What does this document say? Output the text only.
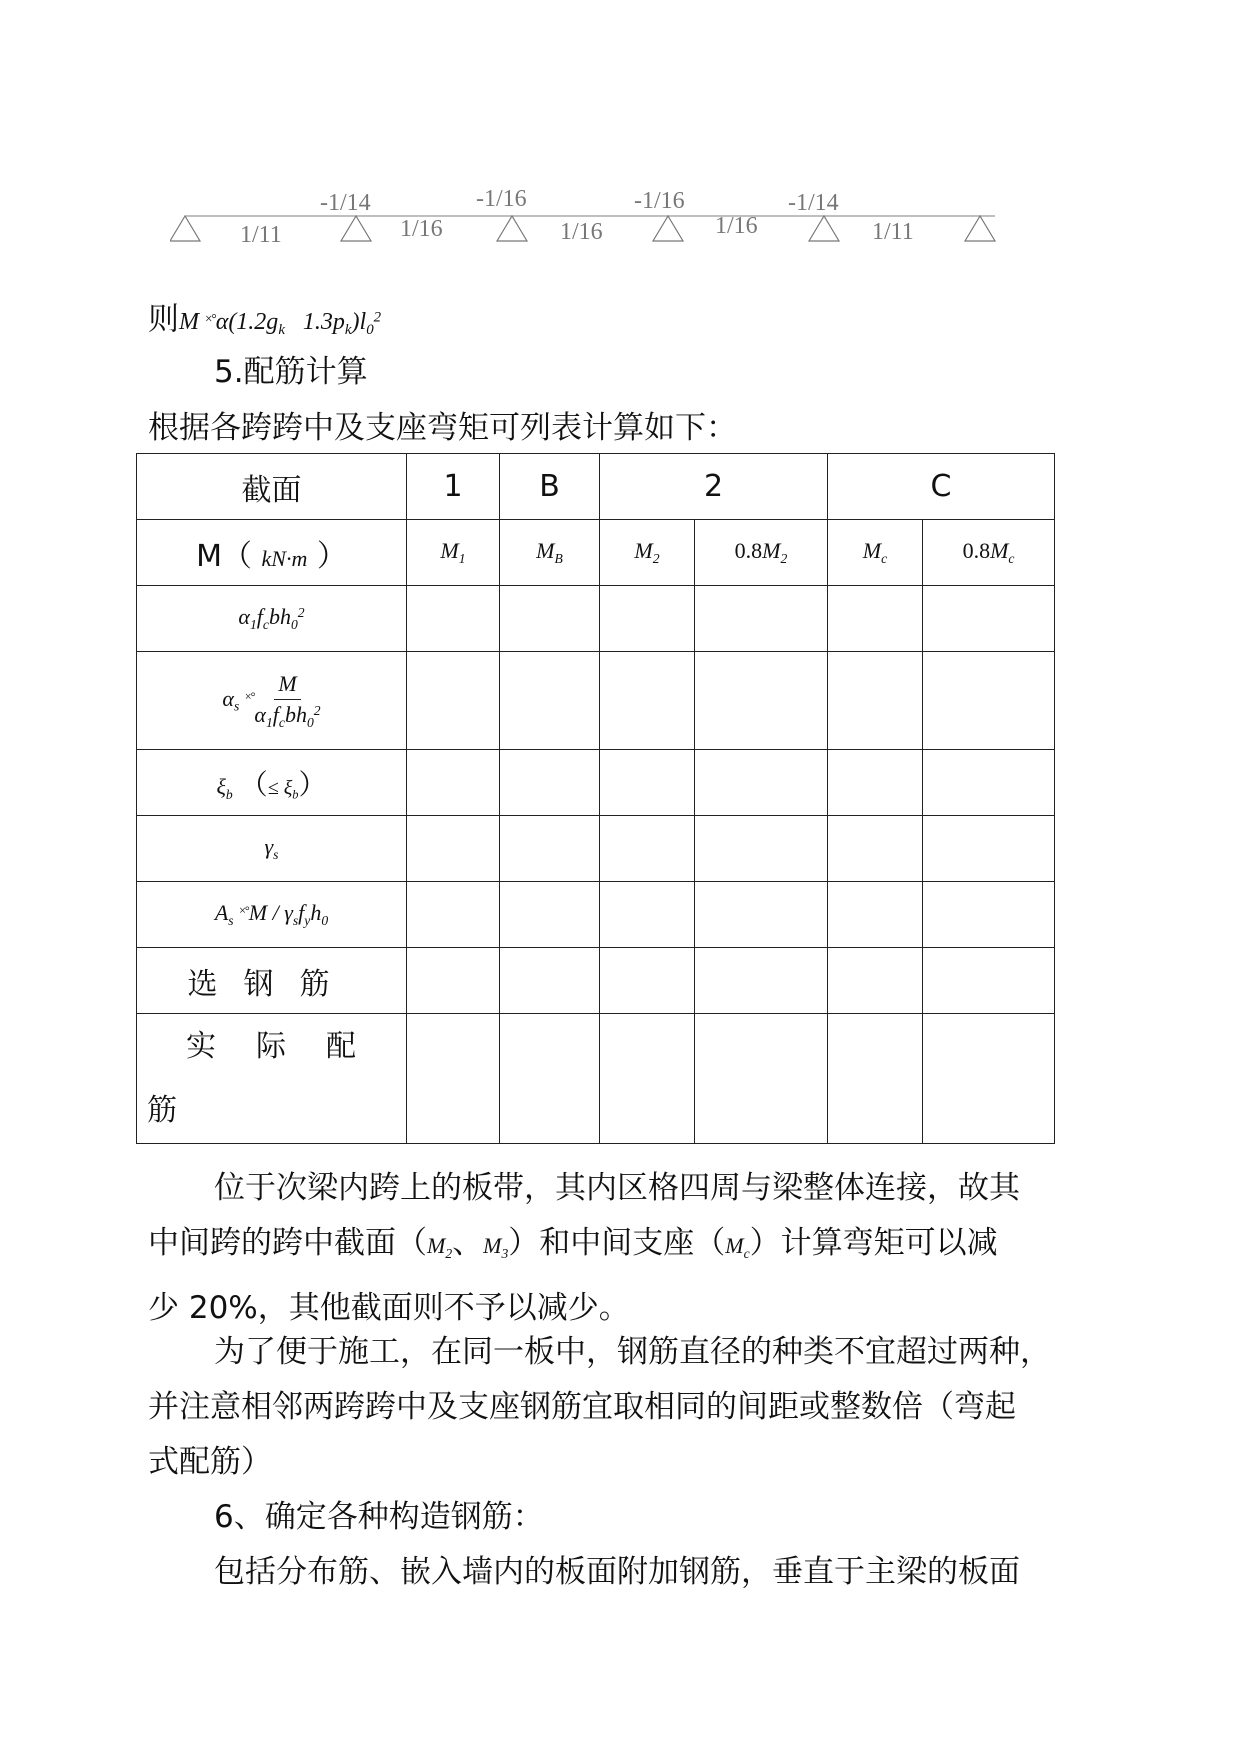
1/11	1/16	1/16	1/16	1/11
-1/14	-1/16	-1/16	-1/14
则M $^{\times^\circ}\alpha(1.2g_k$   $1.3p_k)l_0^2$
5.配筋计算
根据各跨跨中及支座弯矩可列表计算如下：
截面	1	B	2		C	
M（ kN·m ）	$M_1$	$M_B$	$M_2$	$0.8M_2$	$M_c$	$0.8M_c$
$\alpha_1f_cbh_0^2$						
$\alpha_s$ $^{\times^\circ} \frac{M}{\alpha_1f_cbh_0^2}$

$\xi_b$ （≤ $\xi_b$）						
$\gamma_s$						
$A_s$ $^{\times^\circ}M / \gamma_sf_yh_0$						
选钢筋						

实际配
筋						

位于次梁内跨上的板带，其内区格四周与梁整体连接，故其
中间跨的跨中截面（$M_2$、$M_3$）和中间支座$(M_c)$计算弯矩可以减
少 20%，其他截面则不予以减少。
为了便于施工，在同一板中，钢筋直径的种类不宜超过两种，
并注意相邻两跨跨中及支座钢筋宜取相同的间距或整数倍（弯起
式配筋）
6、确定各种构造钢筋：
包括分布筋、嵌入墙内的板面附加钢筋，垂直于主梁的板面
